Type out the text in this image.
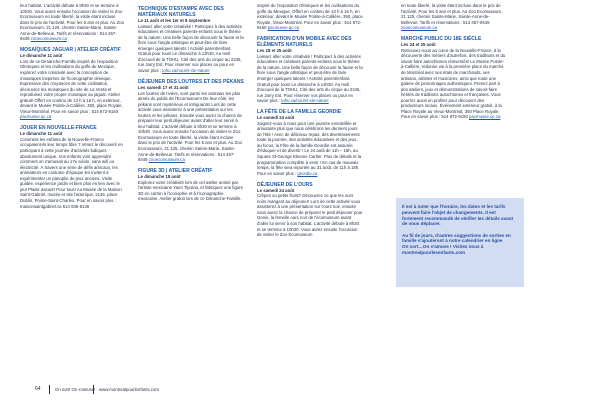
leur habitat. L'activité débute à 8h30 et se termine à 10h30. Vous aurez ensuite l'occasion de visiter le Zoo Ecomuseum en toute liberté, la visite étant incluse dans le prix de l'activité. Pour les 5 ans et plus. Au Zoo Ecomuseum, 21 125, chemin Sainte-Marie, Sainte-Anne-de-Bellevue. Tarifs et réservations : 514 457-9449 zooecomuseum.ca

MOSAÏQUES JAGUAR | ATELIER CRÉATIF

Le dimanche 11 août

Lors de ce Dimanche-Famille inspiré de l'exposition Olmèques et les civilisations du golfe du Mexique, explorez votre créativité avec la conception de mosaïques inspirées de l'iconographie olmèque. Expressive des croyances de cette civilisation, découvrez les mosaïques du site de La Venta et reproduisez votre propre mosaïque au jaguar. Atelier gratuit! Offert en continu de 13 h à 16 h, en extérieur, devant le Musée Pointe-à-Callière, 350, place Royale, Vieux-Montréal. Pour en savoir plus : 514 872-9150 pacmusee.qc.ca

JOUER EN NOUVELLE-FRANCE

Le dimanche 11 août

Comment les enfants de la Nouvelle-France occupaient-ils leur temps libre ? Venez le découvrir en participant à cette journée d'activités ludiques absolument unique. Vos enfants vont apprendre comment on s'amusait au 17e siècle, sans wifi ou électricité. À travers une série de défis amicaux, les animateurs en costume d'époque les invitent à expérimenter un panoplie de jeux anciens. Visite guidée, expérience jardin et bien plus en lien avec le jeu! Plaisir assuré! Pour tous! Au Musée de la Maison Saint-Gabriel, musée et site historique, 2146, place Dublin, Pointe-Saint-Charles. Pour en savoir plus : maisonsaintgabriel.ca 514 935-8136

TECHNIQUE D'ESTAMPE AVEC DES MATÉRIAUX NATURELS

Le 11 août et les 1er et 8 septembre

Laissez aller votre créativité ! Participez à des activités éducatives et créatives parents-enfants sous le thème de la nature. Une belle façon de découvrir la faune et la flore sous l'angle artistique et peut-être de faire émerger quelques talents ! Activité parent/enfant. Gratuit pour tous! Le dimanche à 13h30. Au Hall d'accueil de la TOHU, Cité des arts du cirque au 2345, rue Jarry Est. Pour réserver vos places ou pour en savoir plus : tohu.ca/nourrir-de-nature

DÉJEUNER DES LOUTRES ET DES PÉKANS

Les samedi 17 et 31 août

Les loutres de rivière, sont parmi les animaux les plus aimés du public de l'Ecomuseum! De leur côté, les pékans sont mystérieux et intriguants! Lors de cette activité vous assisterez à une présentation sur les loutres et les pékans. Ensuite vous aurez la chance de préparer leur petit déjeuner avant d'aller leur servir à leur habitat. L'activité débute à 8h30 et se termine à 10h30. Vous aurez ensuite l'occasion de visiter le Zoo Ecomuseum en toute liberté, la visite étant incluse dans le prix de l'activité. Pour les 5 ans et plus. Au Zoo Ecomuseum, 21 125, chemin Sainte-Marie, Sainte-Anne-de-Bellevue. Tarifs et réservations : 514 457-9449 zooecomuseum.ca

FIGURE 3D | ATELIER CRÉATIF

Le dimanche 18 août

Explorez votre créativité lors de cet atelier animé par l'artiste mexicaine Yaen Tijerina, et fabriquez une figure 3D en carton à l'iconophie et à l'iconographie mexicaine. Atelier gratuit lors de ce Dimanche-Famille.

inspiré de l'exposition Olmèques et les civilisations du golfe du Mexique. Offert en continu de 13 h à 16 h, en extérieur, devant le Musée Pointe-à-Callière, 350, place Royale, Vieux-Montréal. Pour en savoir plus : 514 872-9150 pacmusee.qc.ca

FABRICATION D'UN MOBILE AVEC DES ÉLÉMENTS NATURELS

Les 18 et 25 août

Laissez aller votre créativité ! Participez à des activités éducatives et créatives parents-enfants sous le thème de la nature. Une belle façon de découvrir la faune et la flore sous l'angle artistique et peut-être de faire émerger quelques talents ! Activité parent/enfant. Gratuit pour tous! Le dimanche à 13h30. Au Hall d'accueil de la TOHU, Cité des arts du cirque au 2345, rue Jarry Est. Pour réserver vos places ou pour en savoir plus : tohu.ca/nourrir-de-nature

LA FÊTE DE LA FAMILLE GEORDIE

Le samedi 24 août

Joignez-vous à nous pour une journée ensoleillée et amusante plus que nous célébrons les derniers jours de l'été ! Avec de délicieux repas, des divertissements toute la journée, des activités éducatives et des jeux, au focus, la Fête de la famille Geordie est assurée d'éduquer et de divertir ! Le 24 août de 11h – 18h, au Square St-George Etienne Cartier. Plus de détails et la programmation complète à venir ! En cas de mauvais temps, la fête sera reportée au 31 août, de 11h à 18h. Pour en savoir plus : geordie.ca

DÉJEUNER DE L'OURS

Le samedi 24 août

Crêpes ou petits fruits? Découvrez ce que les ours noirs mangent au déjeuner! Lors de cette activité vous assisterez à une présentation sur l'ours noir, ensuite vous aurez la chance de préparer le petit déjeuner pour Genie, la femelle ours noir de l'écomuseum avant d'aller lui servir à son habitat. L'activité débute à 8h30 et se termine à 10h30. Vous aurez ensuite l'occasion de visiter le Zoo Ecomuseum

en toute liberté, la visite étant incluse dans le prix de l'activité. Pour les 5 ans et plus. Au Zoo Ecomuseum, 21 125, chemin Sainte-Marie, Sainte-Anne-de-Bellevue. Tarifs et réservations : 514 457-9449 zooecomuseum.ca

MARCHÉ PUBLIC DU 18E SIÈCLE

Les 24 et 25 août

Retrouvez-vous au cœur de la Nouvelle-France, à la découverte des métiers d'autrefois, des traditions et du savoir-faire autochtones réinventés! Le Musée Pointe-à-Callière, redonne vie à la première place du marché de Montréal avec ses étals de marchands, ses artisans, artistes et musiciens, ainsi que toute une galerie de personnages authentiques. Prenez part à des ateliers, jeux et démonstrations de savoir-faire hérités de traditions autochtones et françaises. Vous pourrez aussi en profiter pour découvrir des producteurs locaux. Événement extérieur gratuit, à la Place Royale au Vieux-Montréal, 350 Place Royale. Pour en savoir plus : 514 872-9150 pacmusee.qc.ca

Il est à noter que l'horaire, les dates et les tarifs peuvent faire l'objet de changements. Il est fortement recommandé de vérifier les détails avant de vous déplacer.

Au fil de jours, d'autres suggestions de sorties en famille s'ajouteront à notre calendrier en ligne

On sort…On s'amuse ! Visitez nous à montrealpourlesenfants.com

64	On sort! On s'amuse! www.montrealpourlenfants.com
